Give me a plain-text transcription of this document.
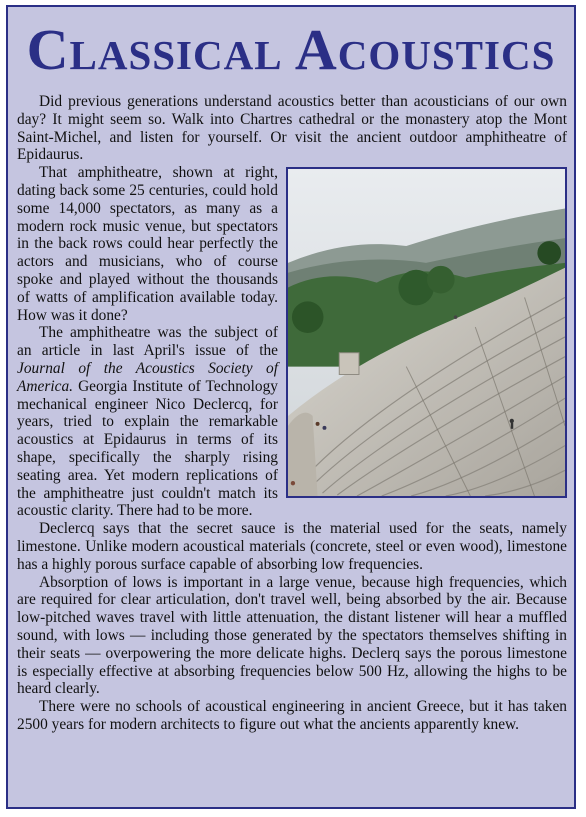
Classical Acoustics

Did previous generations understand acoustics better than acousticians of our own day? It might seem so. Walk into Chartres cathedral or the monastery atop the Mont Saint-Michel, and listen for yourself. Or visit the ancient outdoor amphitheatre of Epidaurus.

That amphitheatre, shown at right, dating back some 25 centuries, could hold some 14,000 spectators, as many as a modern rock music venue, but spectators in the back rows could hear perfectly the actors and musicians, who of course spoke and played without the thousands of watts of amplification available today. How was it done?

The amphitheatre was the subject of an article in last April's issue of the Journal of the Acoustics Society of America. Georgia Institute of Technology mechanical engineer Nico Declercq, for years, tried to explain the remarkable acoustics at Epidaurus in terms of its shape, specifically the sharply rising seating area. Yet modern replications of the amphitheatre just couldn't match its acoustic clarity. There had to be more.

Declercq says that the secret sauce is the material used for the seats, namely limestone. Unlike modern acoustical materials (concrete, steel or even wood), limestone has a highly porous surface capable of absorbing low frequencies.

Absorption of lows is important in a large venue, because high frequencies, which are required for clear articulation, don't travel well, being absorbed by the air. Because low-pitched waves travel with little attenuation, the distant listener will hear a muffled sound, with lows — including those generated by the spectators themselves shifting in their seats — overpowering the more delicate highs. Declerq says the porous limestone is especially effective at absorbing frequencies below 500 Hz, allowing the highs to be heard clearly.

There were no schools of acoustical engineering in ancient Greece, but it has taken 2500 years for modern architects to figure out what the ancients apparently knew.
